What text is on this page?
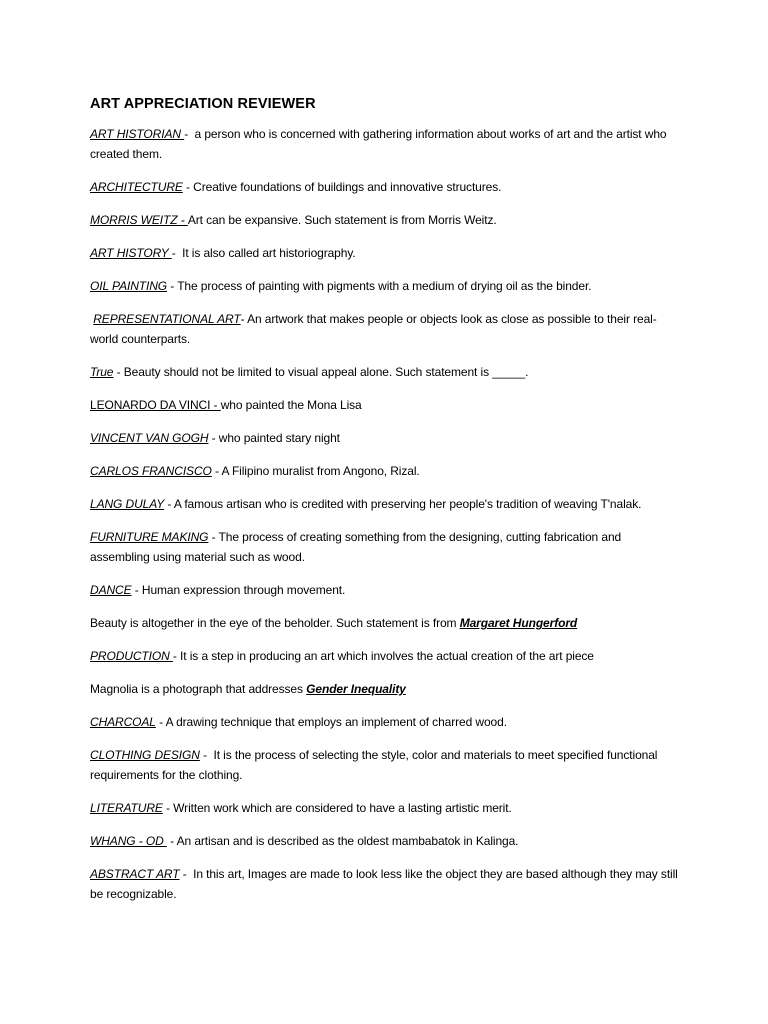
ART APPRECIATION REVIEWER
ART HISTORIAN -  a person who is concerned with gathering information about works of art and the artist who created them.
ARCHITECTURE - Creative foundations of buildings and innovative structures.
MORRIS WEITZ - Art can be expansive. Such statement is from Morris Weitz.
ART HISTORY -  It is also called art historiography.
OIL PAINTING - The process of painting with pigments with a medium of drying oil as the binder.
REPRESENTATIONAL ART- An artwork that makes people or objects look as close as possible to their real-world counterparts.
True - Beauty should not be limited to visual appeal alone. Such statement is _____.
LEONARDO DA VINCI - who painted the Mona Lisa
VINCENT VAN GOGH - who painted stary night
CARLOS FRANCISCO - A Filipino muralist from Angono, Rizal.
LANG DULAY - A famous artisan who is credited with preserving her people's tradition of weaving T'nalak.
FURNITURE MAKING - The process of creating something from the designing, cutting fabrication and assembling using material such as wood.
DANCE - Human expression through movement.
Beauty is altogether in the eye of the beholder. Such statement is from Margaret Hungerford
PRODUCTION - It is a step in producing an art which involves the actual creation of the art piece
Magnolia is a photograph that addresses Gender Inequality
CHARCOAL - A drawing technique that employs an implement of charred wood.
CLOTHING DESIGN -  It is the process of selecting the style, color and materials to meet specified functional requirements for the clothing.
LITERATURE - Written work which are considered to have a lasting artistic merit.
WHANG - OD  - An artisan and is described as the oldest mambabatok in Kalinga.
ABSTRACT ART -  In this art, Images are made to look less like the object they are based although they may still be recognizable.
